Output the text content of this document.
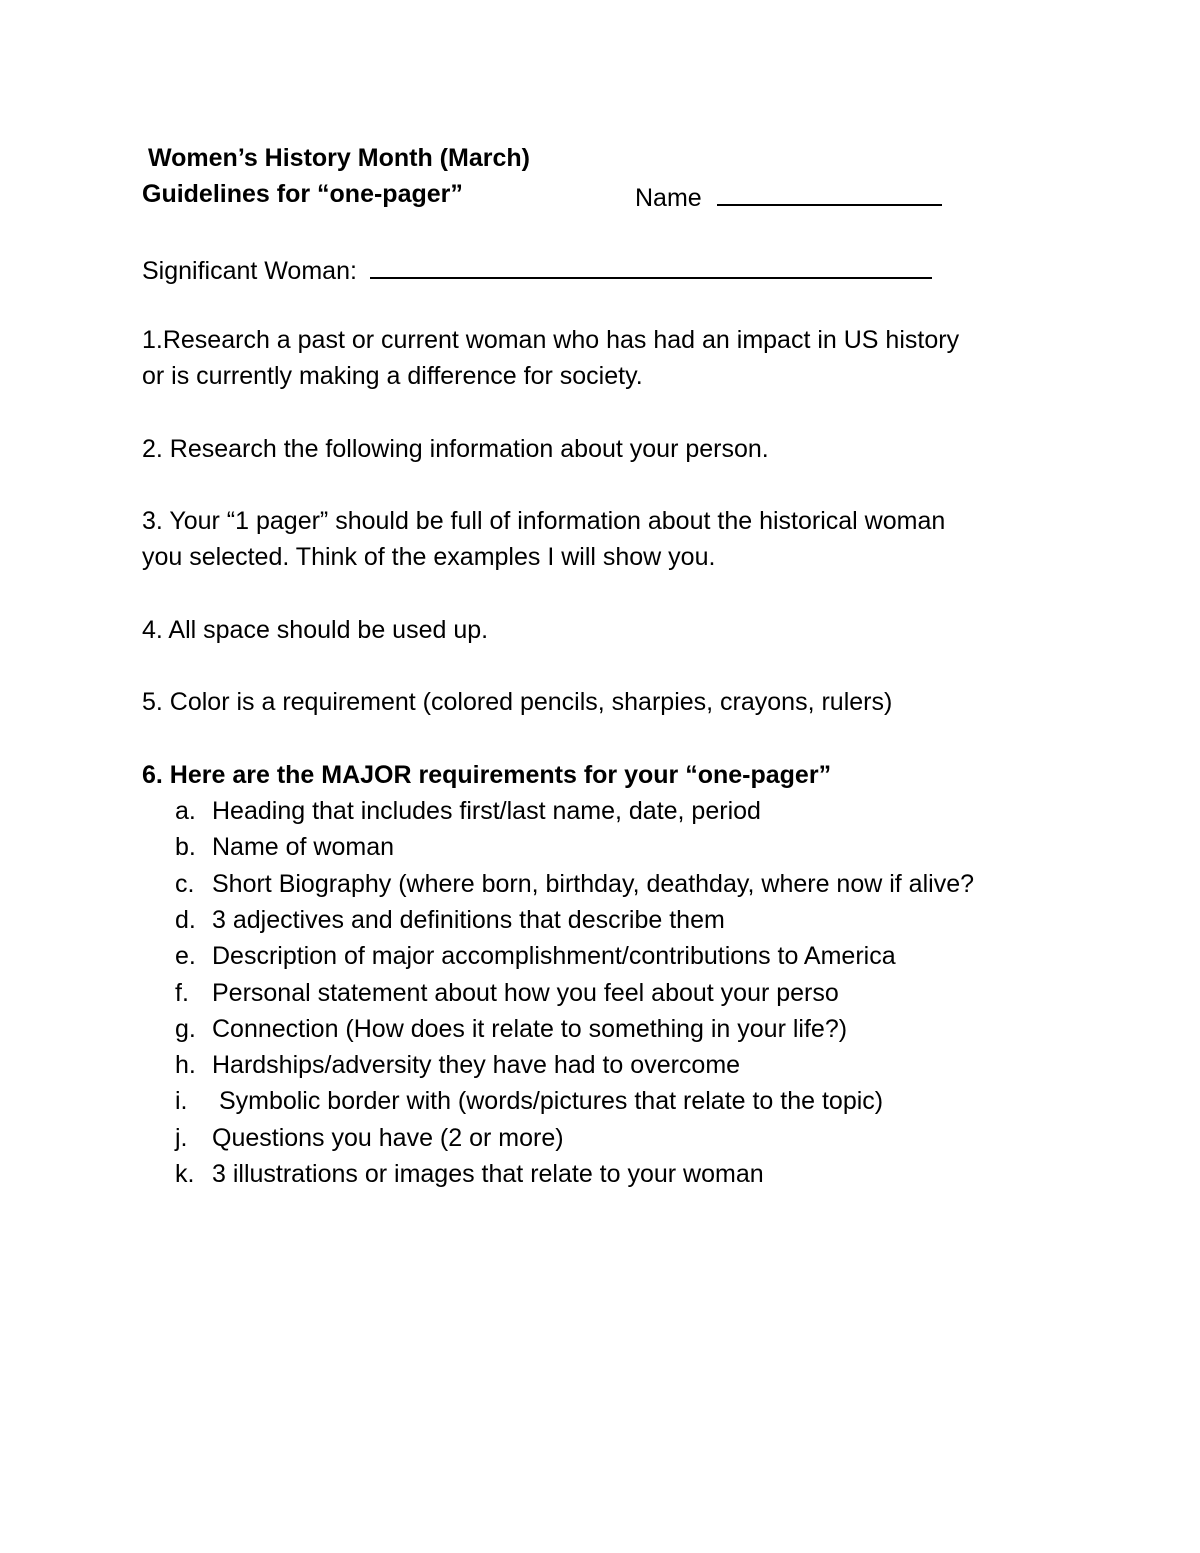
Women’s History Month (March)
Guidelines for “one-pager”	Name
Significant Woman:
1.Research a past or current woman who has had an impact in US history
or is currently making a difference for society.
2. Research the following information about your person.
3. Your “1 pager” should be full of information about the historical woman
you selected. Think of the examples I will show you.
4. All space should be used up.
5. Color is a requirement (colored pencils, sharpies, crayons, rulers)
6. Here are the MAJOR requirements for your “one-pager”
a. Heading that includes first/last name, date, period
b. Name of woman
c. Short Biography (where born, birthday, deathday, where now if alive?
d. 3 adjectives and definitions that describe them
e. Description of major accomplishment/contributions to America
f. Personal statement about how you feel about your perso
g. Connection (How does it relate to something in your life?)
h. Hardships/adversity they have had to overcome
i. Symbolic border with (words/pictures that relate to the topic)
j. Questions you have (2 or more)
k. 3 illustrations or images that relate to your woman
